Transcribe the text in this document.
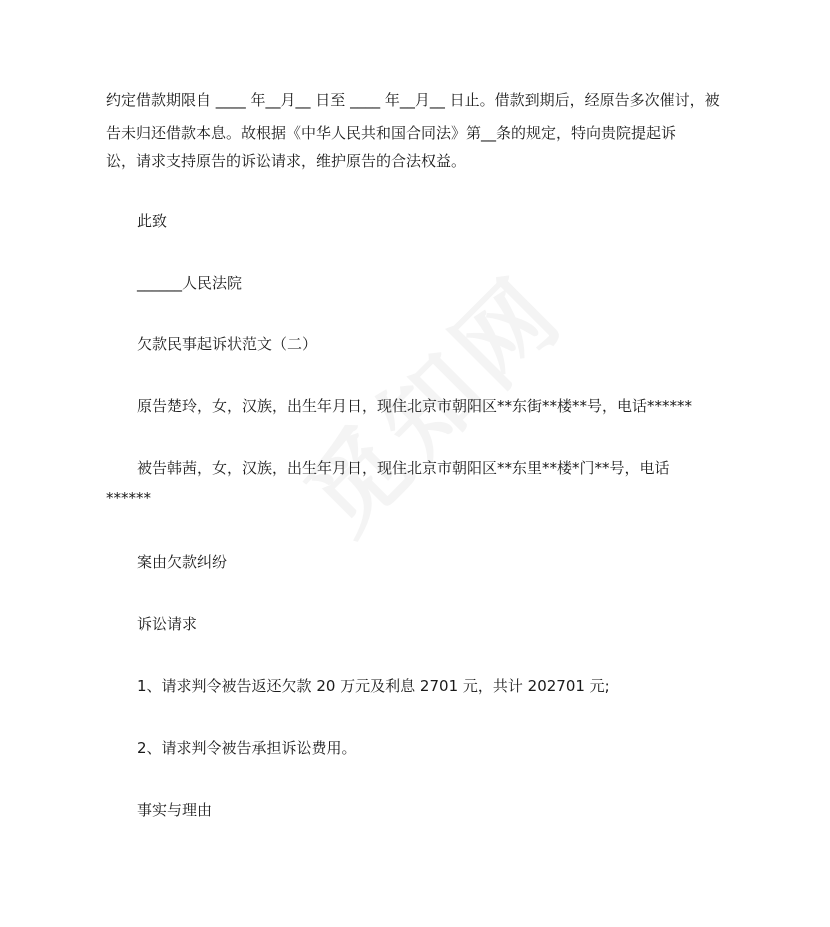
约定借款期限自 ____ 年__月__ 日至 ____ 年__月__ 日止。借款到期后，经原告多次催讨，被

告未归还借款本息。故根据《中华人民共和国合同法》第__条的规定，特向贵院提起诉

讼，请求支持原告的诉讼请求，维护原告的合法权益。

此致

______人民法院

欠款民事起诉状范文（二）

原告楚玲，女，汉族，出生年月日，现住北京市朝阳区**东街**楼**号，电话******

被告韩茜，女，汉族，出生年月日，现住北京市朝阳区**东里**楼*门**号，电话

******

案由欠款纠纷

诉讼请求

1、请求判令被告返还欠款 20 万元及利息 2701 元，共计 202701 元;

2、请求判令被告承担诉讼费用。

事实与理由
